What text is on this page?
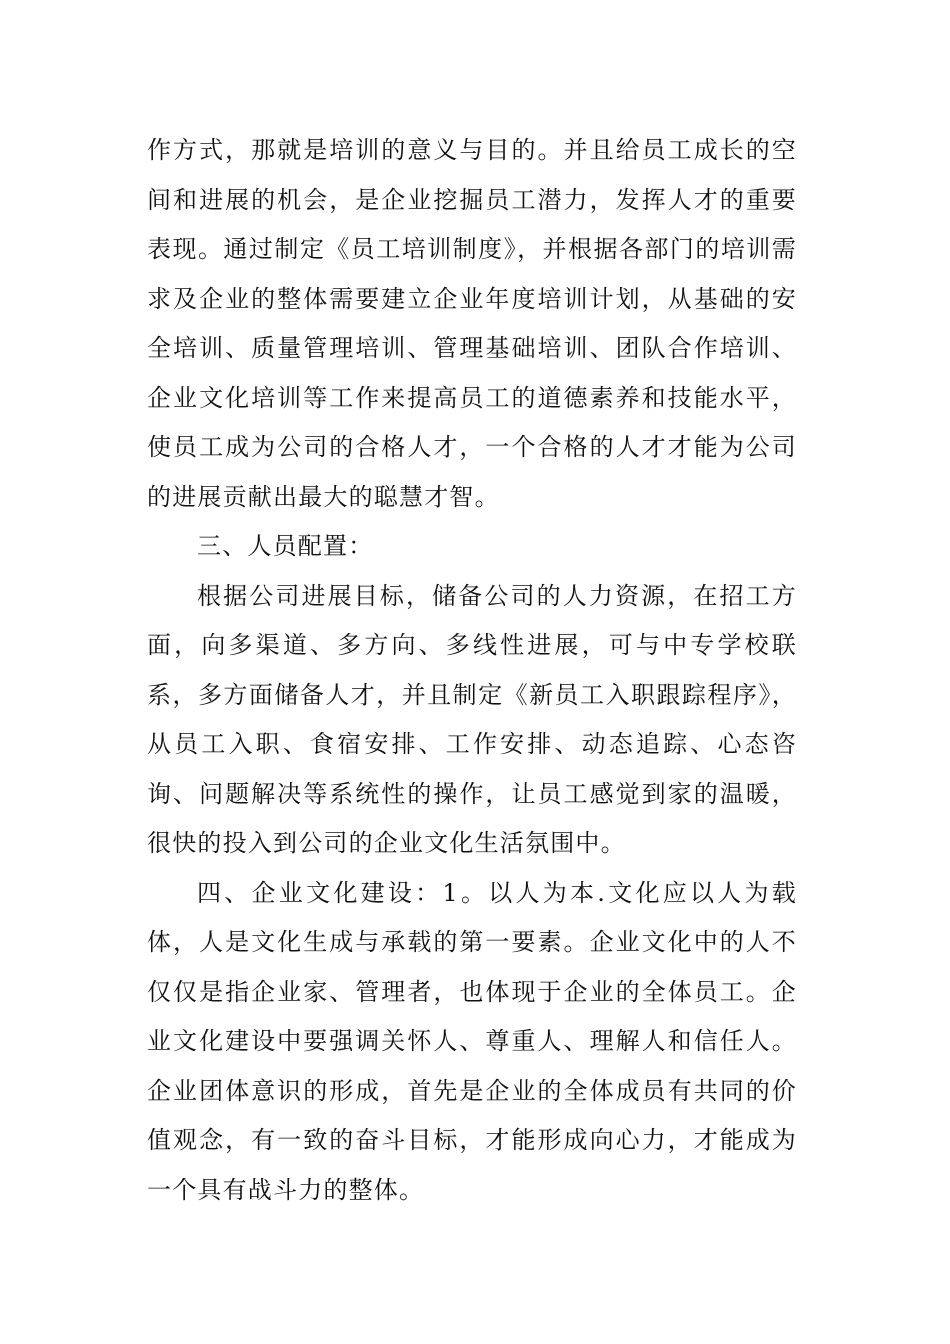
作方式，那就是培训的意义与目的。并且给员工成长的空间和进展的机会，是企业挖掘员工潜力，发挥人才的重要表现。通过制定《员工培训制度》，并根据各部门的培训需求及企业的整体需要建立企业年度培训计划，从基础的安全培训、质量管理培训、管理基础培训、团队合作培训、企业文化培训等工作来提高员工的道德素养和技能水平，使员工成为公司的合格人才，一个合格的人才才能为公司的进展贡献出最大的聪慧才智。

三、人员配置：

根据公司进展目标，储备公司的人力资源，在招工方面，向多渠道、多方向、多线性进展，可与中专学校联系，多方面储备人才，并且制定《新员工入职跟踪程序》，从员工入职、食宿安排、工作安排、动态追踪、心态咨询、问题解决等系统性的操作，让员工感觉到家的温暖，很快的投入到公司的企业文化生活氛围中。

四、企业文化建设：1。以人为本.文化应以人为载体，人是文化生成与承载的第一要素。企业文化中的人不仅仅是指企业家、管理者，也体现于企业的全体员工。企业文化建设中要强调关怀人、尊重人、理解人和信任人。企业团体意识的形成，首先是企业的全体成员有共同的价值观念，有一致的奋斗目标，才能形成向心力，才能成为一个具有战斗力的整体。
